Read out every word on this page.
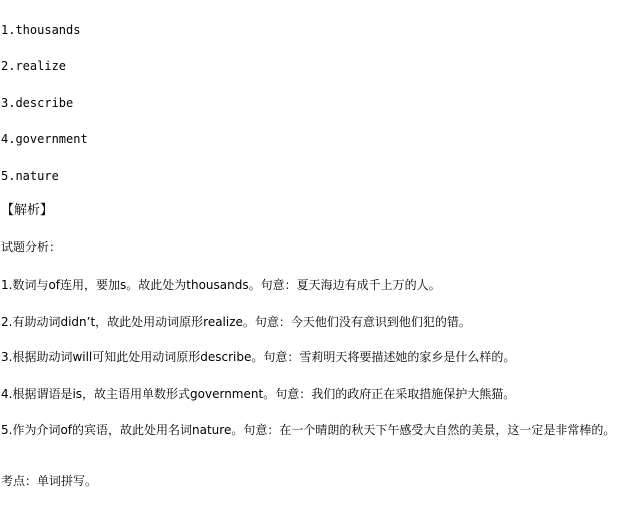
1.thousands
2.realize
3.describe
4.government
5.nature
【解析】
试题分析：
1.数词与of连用，要加s。故此处为thousands。句意：夏天海边有成千上万的人。
2.有助动词didn’t，故此处用动词原形realize。句意：今天他们没有意识到他们犯的错。
3.根据助动词will可知此处用动词原形describe。句意：雪莉明天将要描述她的家乡是什么样的。
4.根据谓语是is，故主语用单数形式government。句意：我们的政府正在采取措施保护大熊猫。
5.作为介词of的宾语，故此处用名词nature。句意：在一个晴朗的秋天下午感受大自然的美景，这一定是非常棒的。
考点：单词拼写。
